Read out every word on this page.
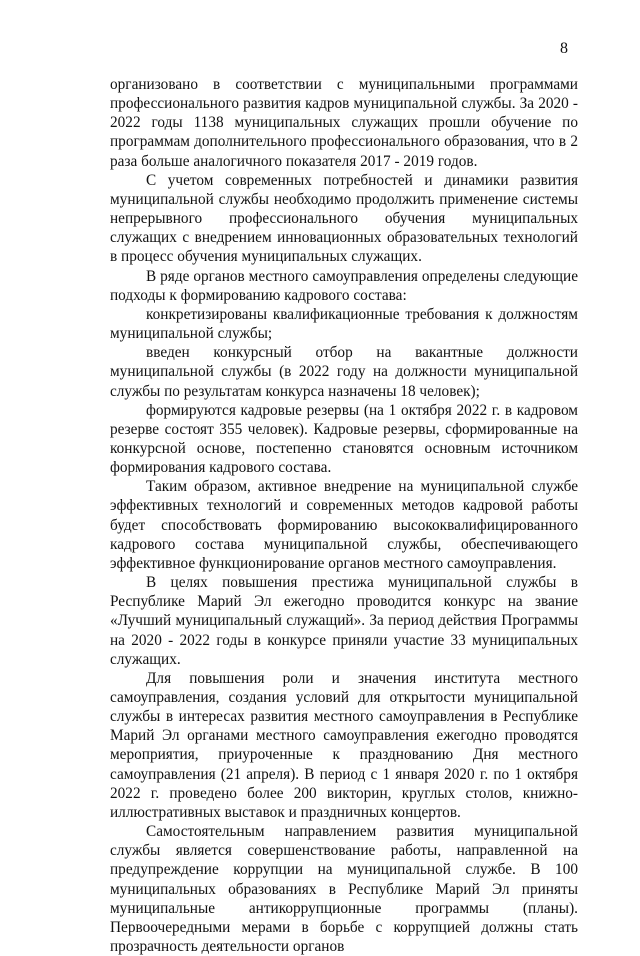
8

организовано в соответствии с муниципальными программами профессионального развития кадров муниципальной службы. За 2020 - 2022 годы 1138 муниципальных служащих прошли обучение по программам дополнительного профессионального образования, что в 2 раза больше аналогичного показателя 2017 - 2019 годов.

С учетом современных потребностей и динамики развития муниципальной службы необходимо продолжить применение системы непрерывного профессионального обучения муниципальных служащих с внедрением инновационных образовательных технологий в процесс обучения муниципальных служащих.

В ряде органов местного самоуправления определены следующие подходы к формированию кадрового состава:

конкретизированы квалификационные требования к должностям муниципальной службы;

введен конкурсный отбор на вакантные должности муниципальной службы (в 2022 году на должности муниципальной службы по результатам конкурса назначены 18 человек);

формируются кадровые резервы (на 1 октября 2022 г. в кадровом резерве состоят 355 человек). Кадровые резервы, сформированные на конкурсной основе, постепенно становятся основным источником формирования кадрового состава.

Таким образом, активное внедрение на муниципальной службе эффективных технологий и современных методов кадровой работы будет способствовать формированию высококвалифицированного кадрового состава муниципальной службы, обеспечивающего эффективное функционирование органов местного самоуправления.

В целях повышения престижа муниципальной службы в Республике Марий Эл ежегодно проводится конкурс на звание «Лучший муниципальный служащий». За период действия Программы на 2020 - 2022 годы в конкурсе приняли участие 33 муниципальных служащих.

Для повышения роли и значения института местного самоуправления, создания условий для открытости муниципальной службы в интересах развития местного самоуправления в Республике Марий Эл органами местного самоуправления ежегодно проводятся мероприятия, приуроченные к празднованию Дня местного самоуправления (21 апреля). В период с 1 января 2020 г. по 1 октября 2022 г. проведено более 200 викторин, круглых столов, книжно-иллюстративных выставок и праздничных концертов.

Самостоятельным направлением развития муниципальной службы является совершенствование работы, направленной на предупреждение коррупции на муниципальной службе. В 100 муниципальных образованиях в Республике Марий Эл приняты муниципальные антикоррупционные программы (планы). Первоочередными мерами в борьбе с коррупцией должны стать прозрачность деятельности органов
